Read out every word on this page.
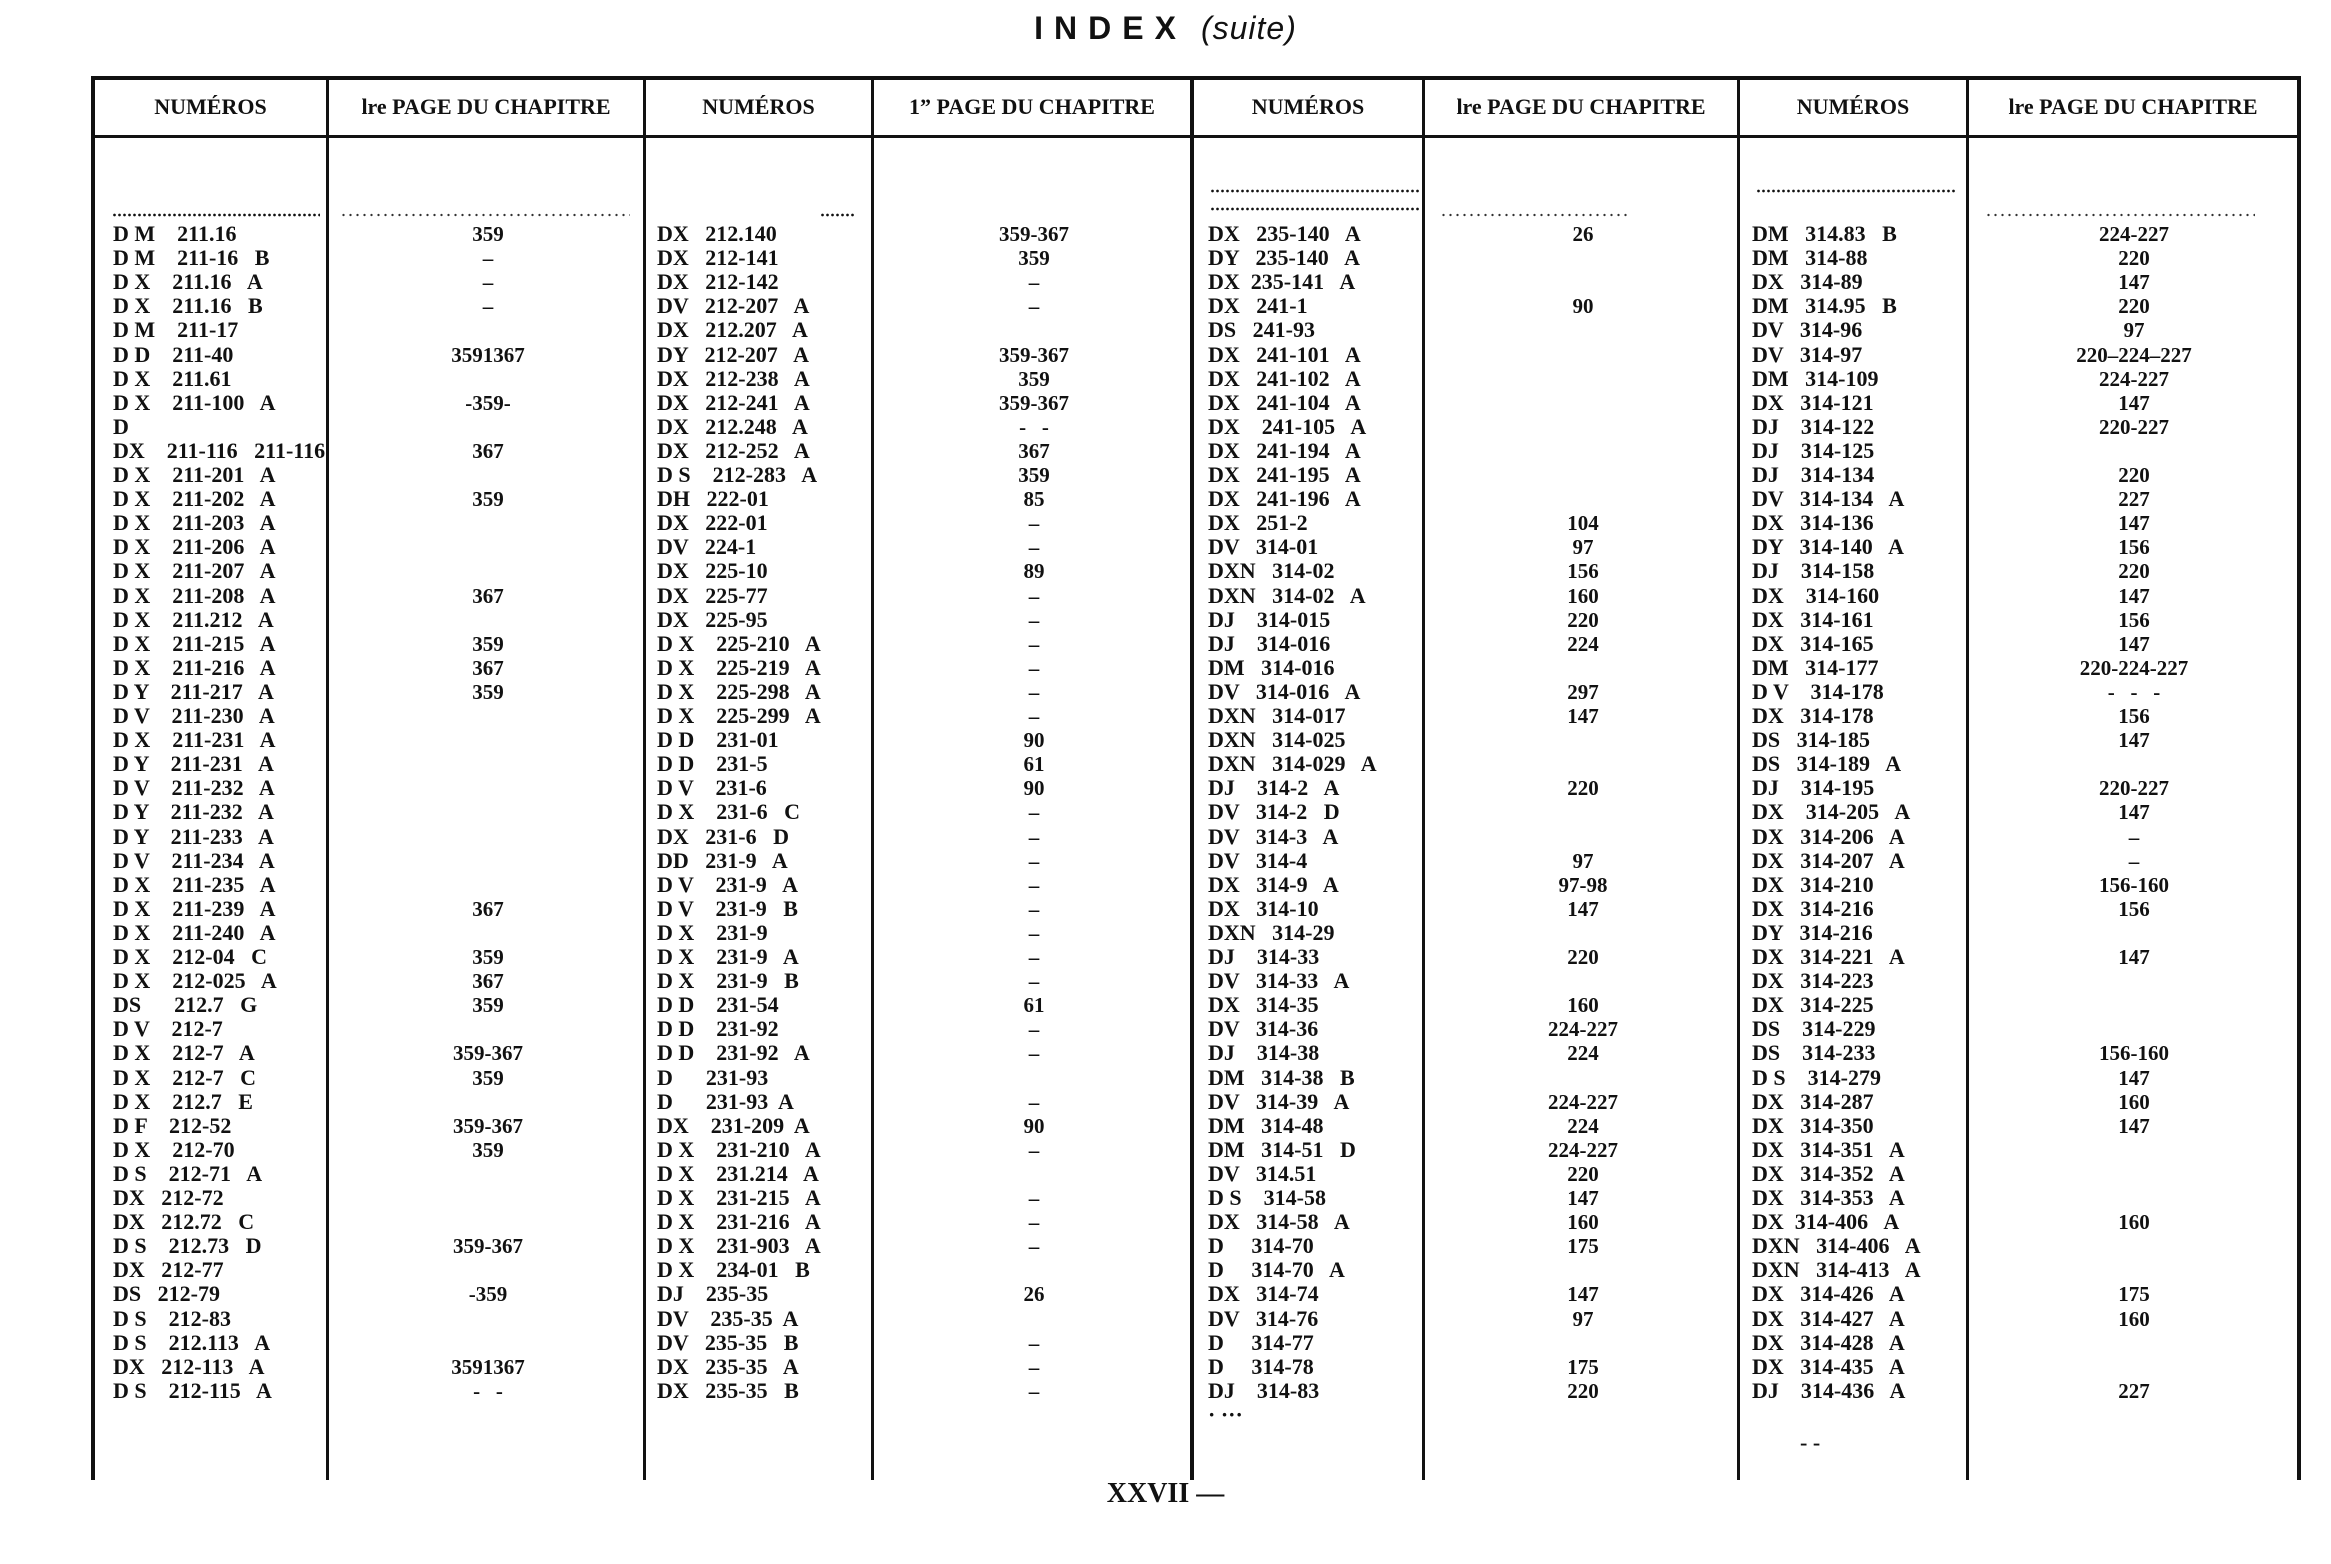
INDEX (suite)
NUMÉROS	lre PAGE DU CHAPITRE	NUMÉROS	1” PAGE DU CHAPITRE	NUMÉROS	lre PAGE DU CHAPITRE	NUMÉROS	lre PAGE DU CHAPITRE
D M    211.16	359
D M    211-16   B	–
D X    211.16   A	–
D X    211.16   B	–
D M    211-17
D D    211-40	3591367
D X    211.61
D X    211-100   A	-359-
D
DX    211-116   211-116	367
D X    211-201   A
D X    211-202   A	359
D X    211-203   A
D X    211-206   A
D X    211-207   A
D X    211-208   A	367
D X    211.212   A
D X    211-215   A	359
D X    211-216   A	367
D Y    211-217   A	359
D V    211-230   A
D X    211-231   A
D Y    211-231   A
D V    211-232   A
D Y    211-232   A
D Y    211-233   A
D V    211-234   A
D X    211-235   A
D X    211-239   A	367
D X    211-240   A
D X    212-04   C	359
D X    212-025   A	367
DS      212.7   G	359
D V    212-7
D X    212-7   A	359-367
D X    212-7   C	359
D X    212.7   E
D F    212-52	359-367
D X    212-70	359
D S    212-71   A
DX   212-72
DX   212.72   C
D S    212.73   D	359-367
DX   212-77
DS   212-79	-359
D S    212-83
D S    212.113   A
DX   212-113   A	3591367
D S    212-115   A	-   -
DX   212.140	359-367
DX   212-141	359
DX   212-142	–
DV   212-207   A	–
DX   212.207   A
DY   212-207   A	359-367
DX   212-238   A	359
DX   212-241   A	359-367
DX   212.248   A	-   -
DX   212-252   A	367
D S    212-283   A	359
DH   222-01	85
DX   222-01	–
DV   224-1	–
DX   225-10	89
DX   225-77	–
DX   225-95	–
D X    225-210   A	–
D X    225-219   A	–
D X    225-298   A	–
D X    225-299   A	–
D D    231-01	90
D D    231-5	61
D V    231-6	90
D X    231-6   C	–
DX   231-6   D	–
DD   231-9   A	–
D V    231-9   A	–
D V    231-9   B	–
D X    231-9	–
D X    231-9   A	–
D X    231-9   B	–
D D    231-54	61
D D    231-92	–
D D    231-92   A	–
D      231-93
D      231-93  A	–
DX    231-209  A	90
D X    231-210   A	–
D X    231.214   A
D X    231-215   A	–
D X    231-216   A	–
D X    231-903   A	–
D X    234-01   B
DJ    235-35	26
DV    235-35  A
DV   235-35   B	–
DX   235-35   A	–
DX   235-35   B	–
DX   235-140   A	26
DY   235-140   A
DX  235-141   A
DX   241-1	90
DS   241-93
DX   241-101   A
DX   241-102   A
DX   241-104   A
DX    241-105   A
DX   241-194   A
DX   241-195   A
DX   241-196   A
DX   251-2	104
DV   314-01	97
DXN   314-02	156
DXN   314-02   A	160
DJ    314-015	220
DJ    314-016	224
DM   314-016
DV   314-016   A	297
DXN   314-017	147
DXN   314-025
DXN   314-029   A
DJ    314-2   A	220
DV   314-2   D
DV   314-3   A
DV   314-4	97
DX   314-9   A	97-98
DX   314-10	147
DXN   314-29
DJ    314-33	220
DV   314-33   A
DX   314-35	160
DV   314-36	224-227
DJ    314-38	224
DM   314-38   B
DV   314-39   A	224-227
DM   314-48	224
DM   314-51   D	224-227
DV   314.51	220
D S    314-58	147
DX   314-58   A	160
D     314-70	175
D     314-70   A
DX   314-74	147
DV   314-76	97
D     314-77
D     314-78	175
DJ    314-83	220
DM   314.83   B	224-227
DM   314-88	220
DX   314-89	147
DM   314.95   B	220
DV   314-96	97
DV   314-97	220–224–227
DM   314-109	224-227
DX   314-121	147
DJ    314-122	220-227
DJ    314-125
DJ    314-134	220
DV   314-134   A	227
DX   314-136	147
DY   314-140   A	156
DJ    314-158	220
DX    314-160	147
DX   314-161	156
DX   314-165	147
DM   314-177	220-224-227
D V    314-178	-   -   -
DX   314-178	156
DS   314-185	147
DS   314-189   A
DJ    314-195	220-227
DX    314-205   A	147
DX   314-206   A	–
DX   314-207   A	–
DX   314-210	156-160
DX   314-216	156
DY   314-216
DX   314-221   A	147
DX   314-223
DX   314-225
DS    314-229
DS    314-233	156-160
D S    314-279	147
DX   314-287	160
DX   314-350	147
DX   314-351   A
DX   314-352   A
DX   314-353   A
DX  314-406   A	160
DXN   314-406   A
DXN   314-413   A
DX   314-426   A	175
DX   314-427   A	160
DX   314-428   A
DX   314-435   A
DJ    314-436   A	227
· ···
- -
XXVII —
